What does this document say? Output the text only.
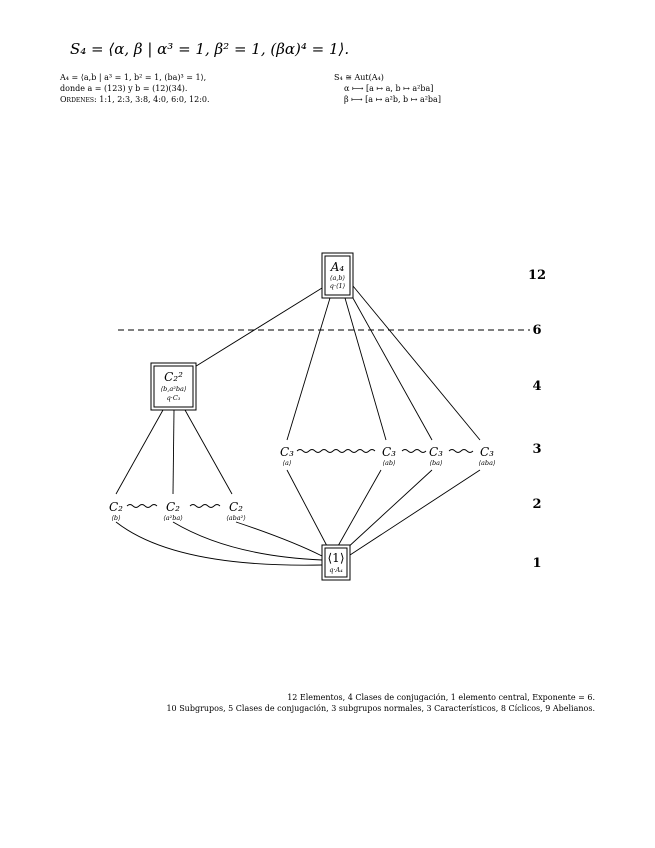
S₄ = ⟨α, β | α³ = 1, β² = 1, (βα)⁴ = 1⟩.
A₄ = ⟨a,b | a³ = 1, b² = 1, (ba)³ = 1⟩,
donde a = (123) y b = (12)(34).
Ordenes: 1:1, 2:3, 3:8, 4:0, 6:0, 12:0.
S₄ ≅ Aut(A₄)
α ⟼ [a ↦ a, b ↦ a²ba]
β ⟼ [a ↦ a²b, b ↦ a²ba]
A₄
⟨a,b⟩
q·⟨1⟩
C₂²
⟨b,a²ba⟩
q·C₃
C₃
⟨a⟩
C₃
⟨ab⟩
C₃
⟨ba⟩
C₃
⟨aba⟩
C₂
⟨b⟩
C₂
⟨a²ba⟩
C₂
⟨aba²⟩
⟨1⟩
q·A₄
12
6
4
3
2
1
12 Elementos, 4 Clases de conjugación, 1 elemento central, Exponente = 6.
10 Subgrupos, 5 Clases de conjugación, 3 subgrupos normales, 3 Característicos, 8 Cíclicos, 9 Abelianos.
